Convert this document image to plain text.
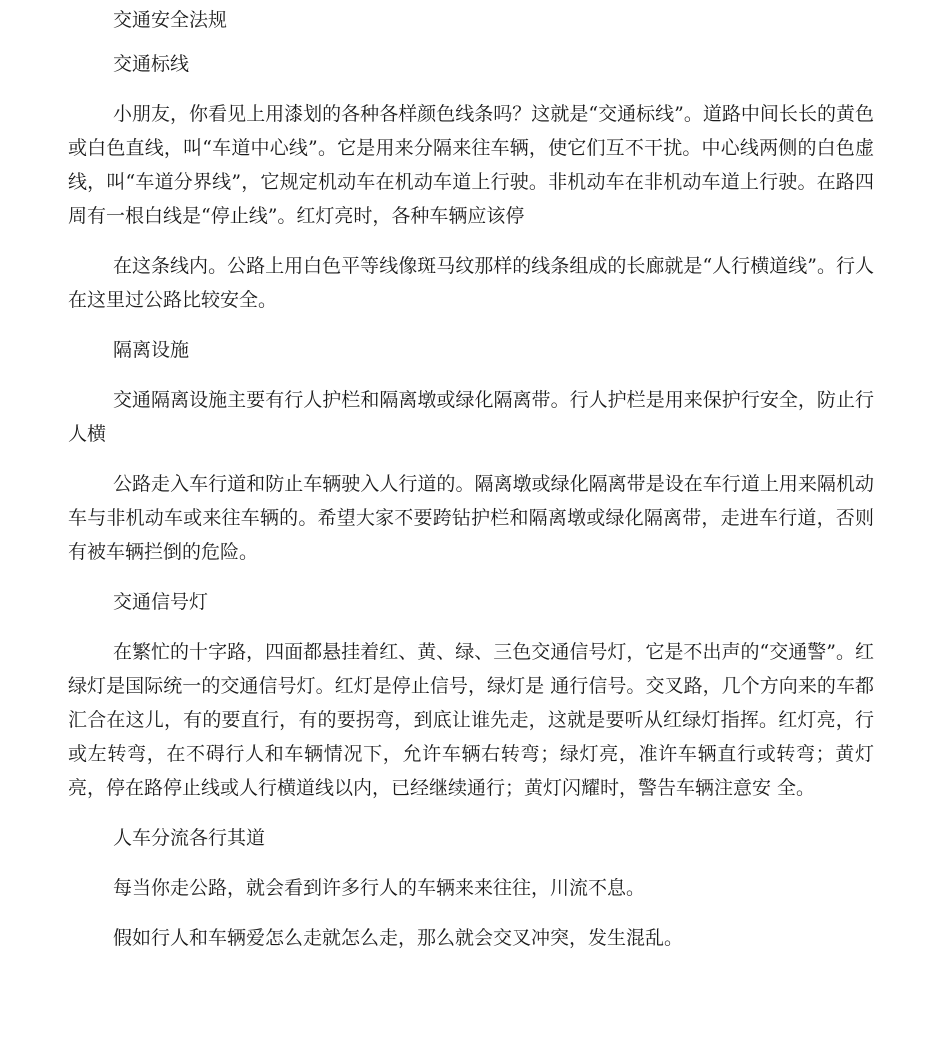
交通安全法规

交通标线

小朋友，你看见上用漆划的各种各样颜色线条吗？这就是“交通标线”。道路中间长长的黄色或白色直线，叫“车道中心线”。它是用来分隔来往车辆，使它们互不干扰。中心线两侧的白色虚线，叫“车道分界线”，它规定机动车在机动车道上行驶。非机动车在非机动车道上行驶。在路四周有一根白线是“停止线”。红灯亮时，各种车辆应该停

在这条线内。公路上用白色平等线像斑马纹那样的线条组成的长廊就是“人行横道线”。行人在这里过公路比较安全。

隔离设施

交通隔离设施主要有行人护栏和隔离墩或绿化隔离带。行人护栏是用来保护行安全，防止行人横

公路走入车行道和防止车辆驶入人行道的。隔离墩或绿化隔离带是设在车行道上用来隔机动车与非机动车或来往车辆的。希望大家不要跨钻护栏和隔离墩或绿化隔离带，走进车行道，否则有被车辆拦倒的危险。

交通信号灯

在繁忙的十字路，四面都悬挂着红、黄、绿、三色交通信号灯，它是不出声的“交通警”。红绿灯是国际统一的交通信号灯。红灯是停止信号，绿灯是 通行信号。交叉路，几个方向来的车都汇合在这儿，有的要直行，有的要拐弯，到底让谁先走，这就是要听从红绿灯指挥。红灯亮，行或左转弯，在不碍行人和车辆情况下，允许车辆右转弯；绿灯亮，准许车辆直行或转弯；黄灯亮，停在路停止线或人行横道线以内，已经继续通行；黄灯闪耀时，警告车辆注意安 全。

人车分流各行其道

每当你走公路，就会看到许多行人的车辆来来往往，川流不息。

假如行人和车辆爱怎么走就怎么走，那么就会交叉冲突，发生混乱。
